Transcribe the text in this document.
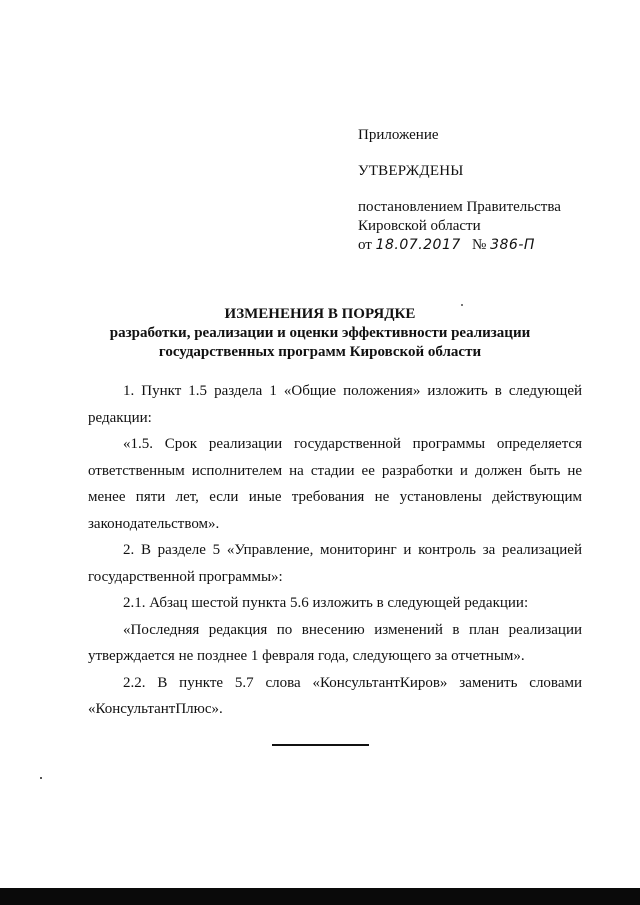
Приложение
УТВЕРЖДЕНЫ
постановлением Правительства
Кировской области
от 18.07.2017 № 386-П
ИЗМЕНЕНИЯ В ПОРЯДКЕ
разработки, реализации и оценки эффективности реализации
государственных программ Кировской области

1. Пункт 1.5 раздела 1 «Общие положения» изложить в следующей редакции:

«1.5. Срок реализации государственной программы определяется ответственным исполнителем на стадии ее разработки и должен быть не менее пяти лет, если иные требования не установлены действующим законодательством».

2. В разделе 5 «Управление, мониторинг и контроль за реализацией государственной программы»:

2.1. Абзац шестой пункта 5.6 изложить в следующей редакции:

«Последняя редакция по внесению изменений в план реализации утверждается не позднее 1 февраля года, следующего за отчетным».

2.2. В пункте 5.7 слова «КонсультантКиров» заменить словами «КонсультантПлюс».
